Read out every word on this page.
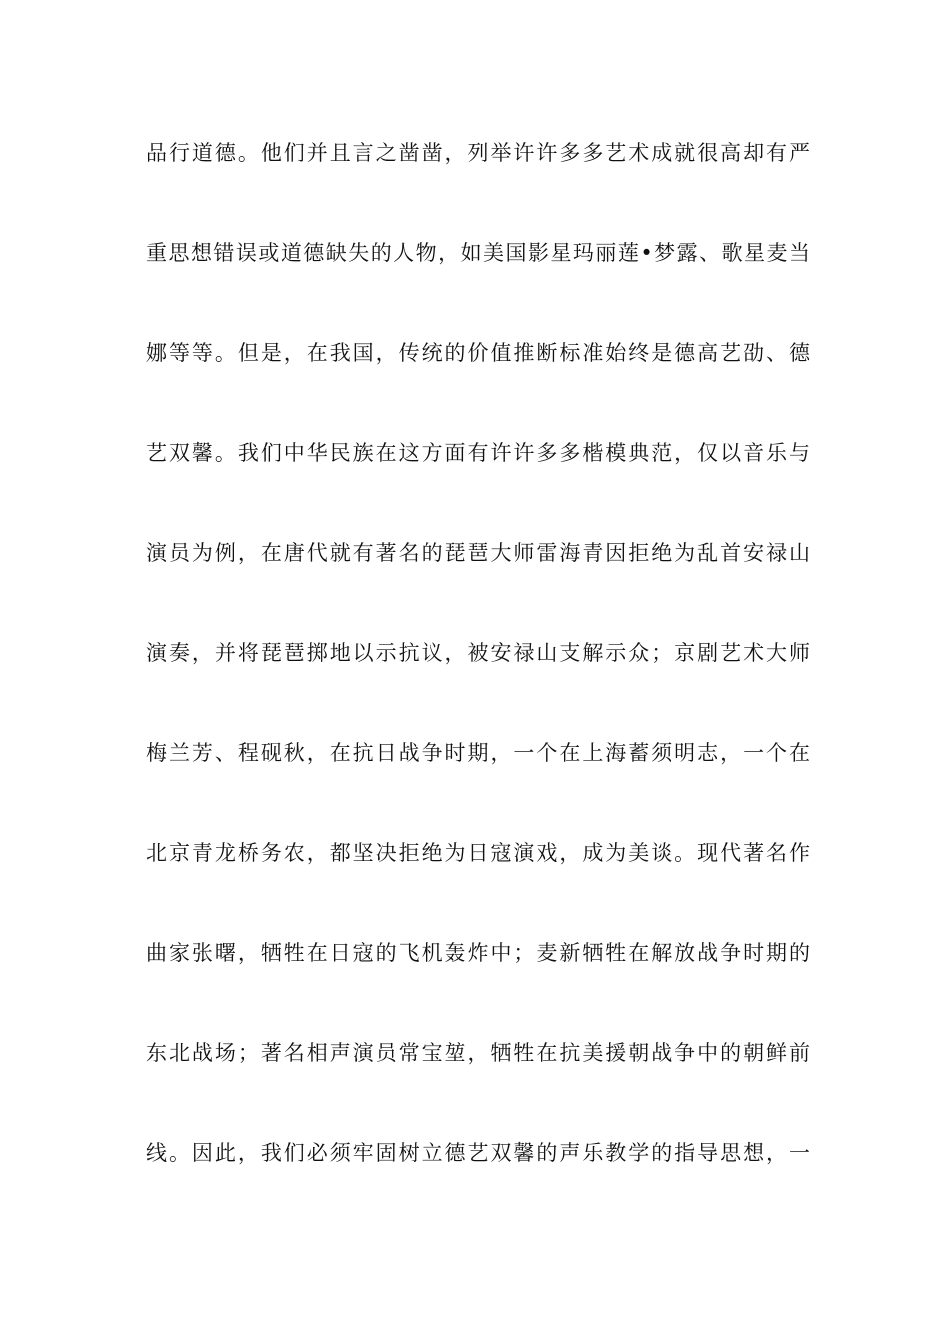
品行道德。他们并且言之凿凿，列举许许多多艺术成就很高却有严
重思想错误或道德缺失的人物，如美国影星玛丽莲•梦露、歌星麦当
娜等等。但是，在我国，传统的价值推断标准始终是德高艺劭、德
艺双馨。我们中华民族在这方面有许许多多楷模典范，仅以音乐与
演员为例，在唐代就有著名的琵琶大师雷海青因拒绝为乱首安禄山
演奏，并将琵琶掷地以示抗议，被安禄山支解示众；京剧艺术大师
梅兰芳、程砚秋，在抗日战争时期，一个在上海蓄须明志，一个在
北京青龙桥务农，都坚决拒绝为日寇演戏，成为美谈。现代著名作
曲家张曙，牺牲在日寇的飞机轰炸中；麦新牺牲在解放战争时期的
东北战场；著名相声演员常宝堃，牺牲在抗美援朝战争中的朝鲜前
线。因此，我们必须牢固树立德艺双馨的声乐教学的指导思想，一
